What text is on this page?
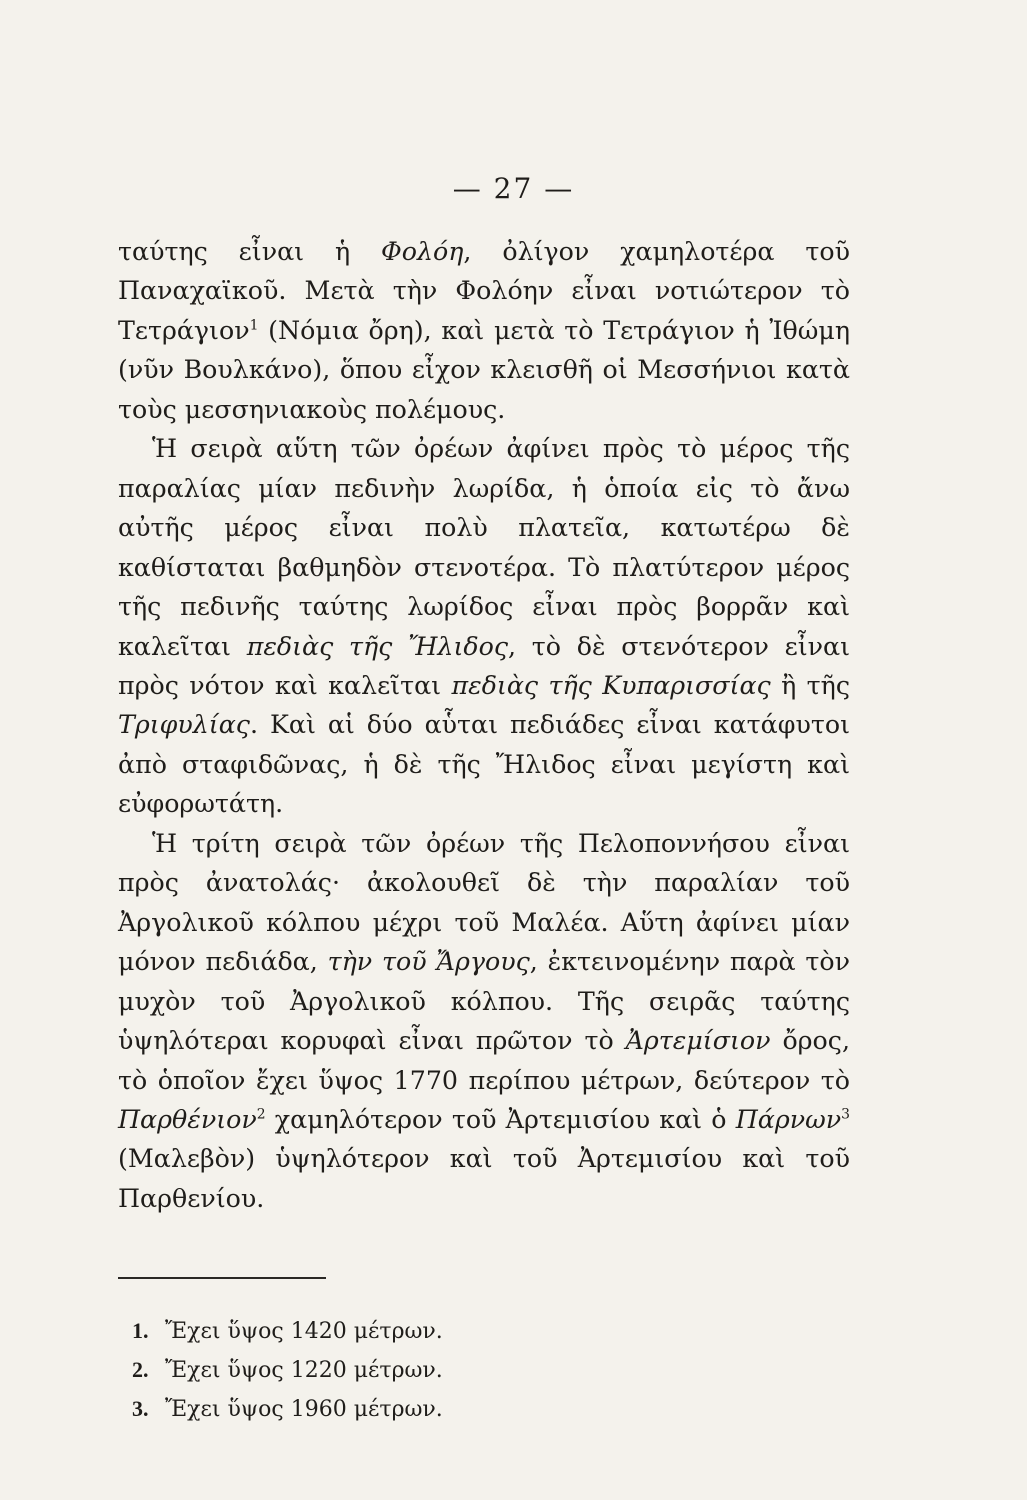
— 27 —

ταύτης εἶναι ἡ Φολόη, ὀλίγον χαμηλοτέρα τοῦ Παναχαϊκοῦ. Μετὰ τὴν Φολόην εἶναι νοτιώτερον τὸ Τετράγιον$^1$ (Νόμια ὄρη), καὶ μετὰ τὸ Τετράγιον ἡ Ἰθώμη (νῦν Βουλκάνο), ὅπου εἶχον κλεισθῆ οἱ Μεσσήνιοι κατὰ τοὺς μεσσηνιακοὺς πολέμους.

Ἡ σειρὰ αὕτη τῶν ὀρέων ἀφίνει πρὸς τὸ μέρος τῆς παραλίας μίαν πεδινὴν λωρίδα, ἡ ὁποία εἰς τὸ ἄνω αὐτῆς μέρος εἶναι πολὺ πλατεῖα, κατωτέρω δὲ καθίσταται βαθμηδὸν στενοτέρα. Τὸ πλατύτερον μέρος τῆς πεδινῆς ταύτης λωρίδος εἶναι πρὸς βορρᾶν καὶ καλεῖται πεδιὰς τῆς Ἤλιδος, τὸ δὲ στενότερον εἶναι πρὸς νότον καὶ καλεῖται πεδιὰς τῆς Κυπαρισσίας ἢ τῆς Τριφυλίας. Καὶ αἱ δύο αὗται πεδιάδες εἶναι κατάφυτοι ἀπὸ σταφιδῶνας, ἡ δὲ τῆς Ἤλιδος εἶναι μεγίστη καὶ εὐφορωτάτη.

Ἡ τρίτη σειρὰ τῶν ὀρέων τῆς Πελοποννήσου εἶναι πρὸς ἀνατολάς· ἀκολουθεῖ δὲ τὴν παραλίαν τοῦ Ἀργολικοῦ κόλπου μέχρι τοῦ Μαλέα. Αὕτη ἀφίνει μίαν μόνον πεδιάδα, τὴν τοῦ Ἄργους, ἐκτεινομένην παρὰ τὸν μυχὸν τοῦ Ἀργολικοῦ κόλπου. Τῆς σειρᾶς ταύτης ὑψηλότεραι κορυφαὶ εἶναι πρῶτον τὸ Ἀρτεμίσιον ὄρος, τὸ ὁποῖον ἔχει ὕψος 1770 περίπου μέτρων, δεύτερον τὸ Παρθένιον$^2$ χαμηλότερον τοῦ Ἀρτεμισίου καὶ ὁ Πάρνων$^3$ (Μαλεβὸν) ὑψηλότερον καὶ τοῦ Ἀρτεμισίου καὶ τοῦ Παρθενίου.

1. Ἔχει ὕψος 1420 μέτρων.
2. Ἔχει ὕψος 1220 μέτρων.
3. Ἔχει ὕψος 1960 μέτρων.
